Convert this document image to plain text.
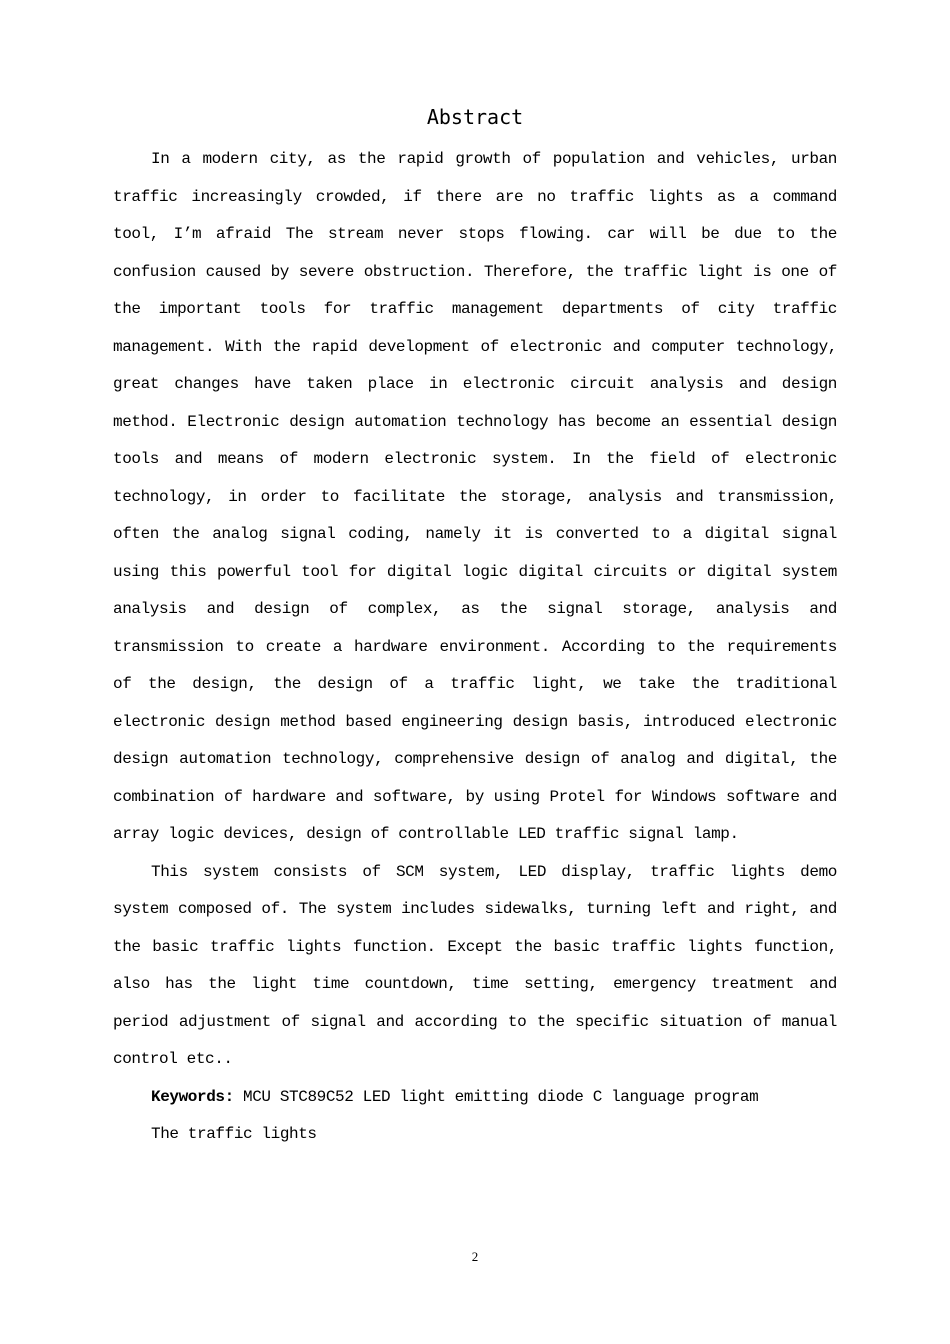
Abstract

In a modern city, as the rapid growth of population and vehicles, urban traffic increasingly crowded, if there are no traffic lights as a command tool, I’m afraid The stream never stops flowing. car will be due to the confusion caused by severe obstruction. Therefore, the traffic light is one of the important tools for traffic management departments of city traffic management. With the rapid development of electronic and computer technology, great changes have taken place in electronic circuit analysis and design method. Electronic design automation technology has become an essential design tools and means of modern electronic system. In the field of electronic technology, in order to facilitate the storage, analysis and transmission, often the analog signal coding, namely it is converted to a digital signal using this powerful tool for digital logic digital circuits or digital system analysis and design of complex, as the signal storage, analysis and transmission to create a hardware environment. According to the requirements of the design, the design of a traffic light, we take the traditional electronic design method based engineering design basis, introduced electronic design automation technology, comprehensive design of analog and digital, the combination of hardware and software, by using Protel for Windows software and array logic devices, design of controllable LED traffic signal lamp.

This system consists of SCM system, LED display, traffic lights demo system composed of. The system includes sidewalks, turning left and right, and the basic traffic lights function. Except the basic traffic lights function, also has the light time countdown, time setting, emergency treatment and period adjustment of signal and according to the specific situation of manual control etc..

Keywords: MCU STC89C52 LED light emitting diode C language program

The traffic lights

2
